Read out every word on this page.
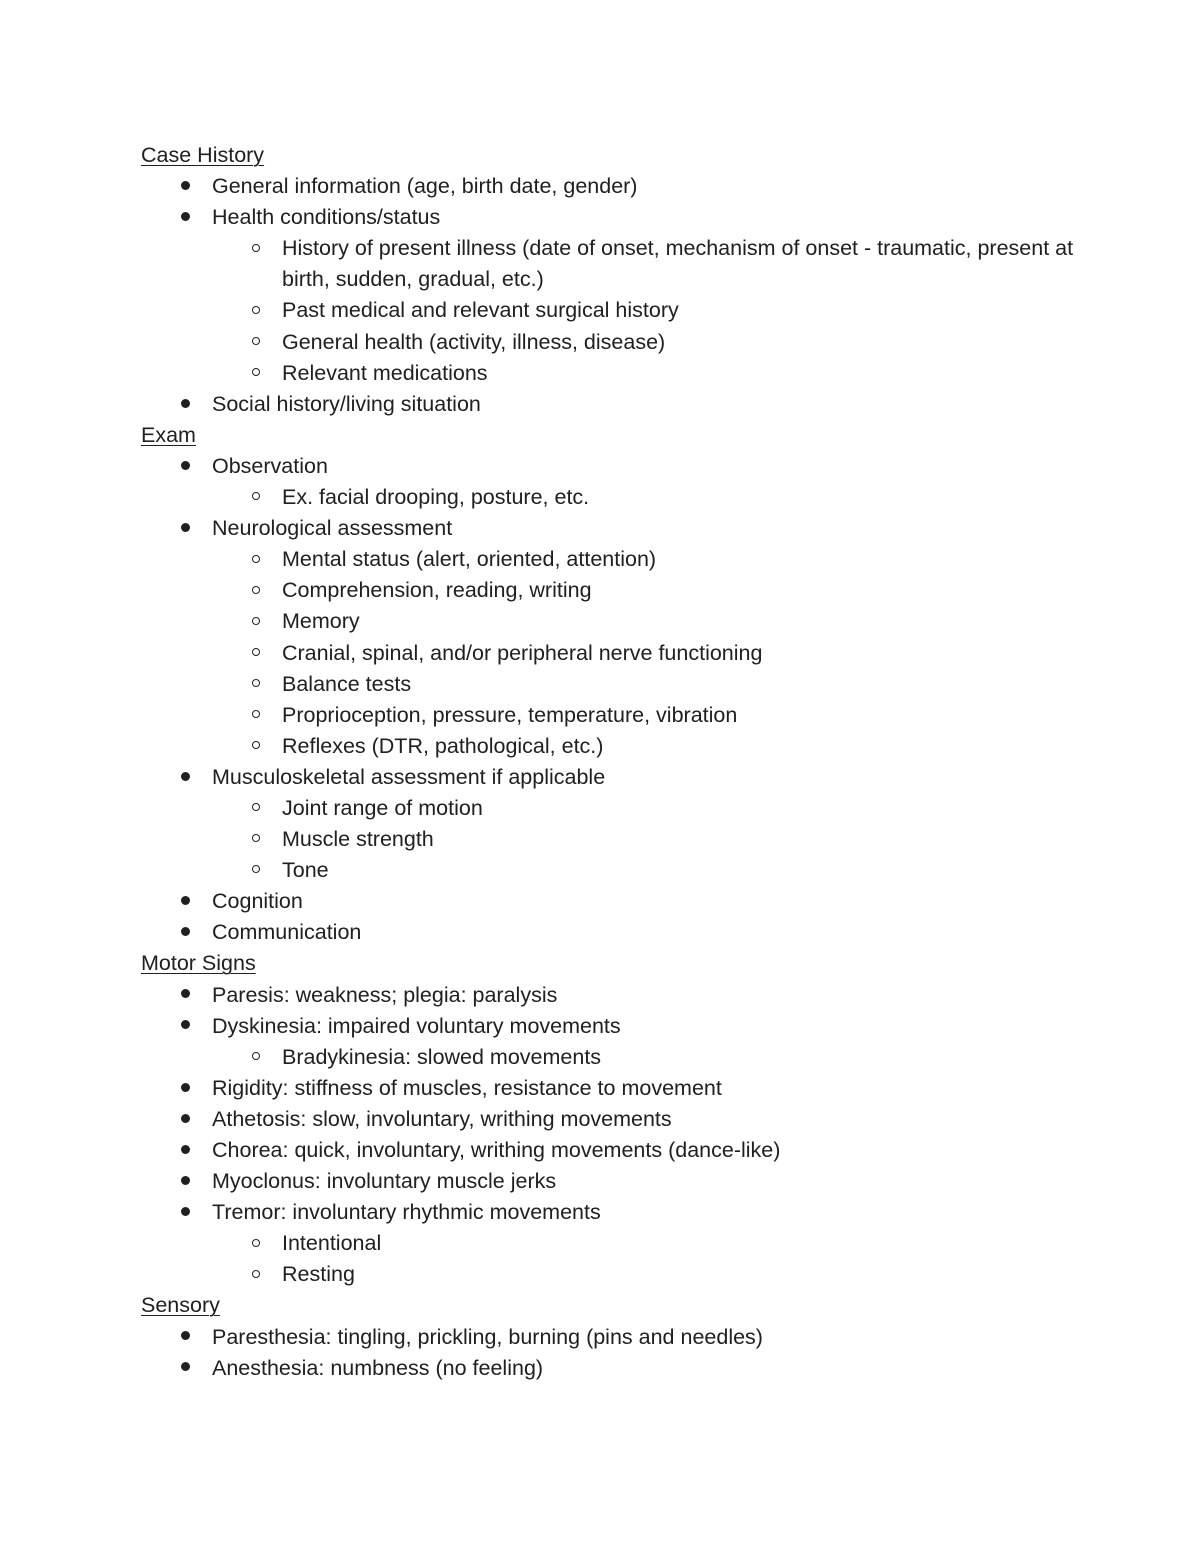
Case History
General information (age, birth date, gender)
Health conditions/status
History of present illness (date of onset, mechanism of onset - traumatic, present at birth, sudden, gradual, etc.)
Past medical and relevant surgical history
General health (activity, illness, disease)
Relevant medications
Social history/living situation
Exam
Observation
Ex. facial drooping, posture, etc.
Neurological assessment
Mental status (alert, oriented, attention)
Comprehension, reading, writing
Memory
Cranial, spinal, and/or peripheral nerve functioning
Balance tests
Proprioception, pressure, temperature, vibration
Reflexes (DTR, pathological, etc.)
Musculoskeletal assessment if applicable
Joint range of motion
Muscle strength
Tone
Cognition
Communication
Motor Signs
Paresis: weakness; plegia: paralysis
Dyskinesia: impaired voluntary movements
Bradykinesia: slowed movements
Rigidity: stiffness of muscles, resistance to movement
Athetosis: slow, involuntary, writhing movements
Chorea: quick, involuntary, writhing movements (dance-like)
Myoclonus: involuntary muscle jerks
Tremor: involuntary rhythmic movements
Intentional
Resting
Sensory
Paresthesia: tingling, prickling, burning (pins and needles)
Anesthesia: numbness (no feeling)
